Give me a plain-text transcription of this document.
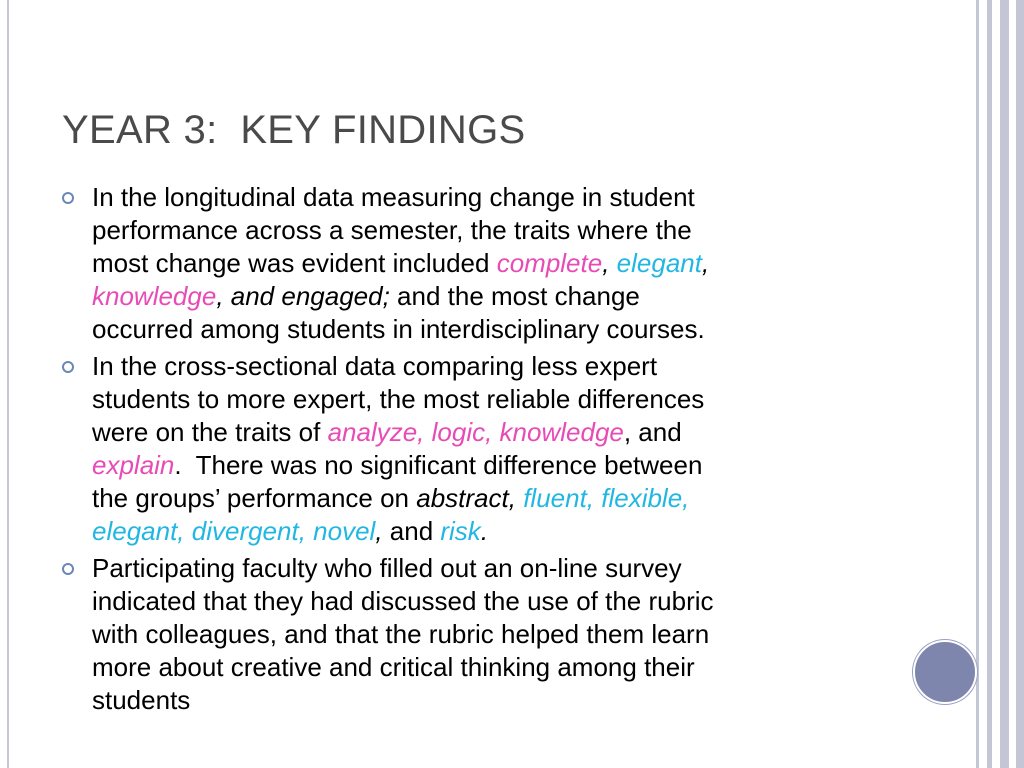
YEAR 3:  KEY FINDINGS
In the longitudinal data measuring change in student
performance across a semester, the traits where the
most change was evident included complete, elegant,
knowledge, and engaged; and the most change
occurred among students in interdisciplinary courses.
In the cross-sectional data comparing less expert
students to more expert, the most reliable differences
were on the traits of analyze, logic, knowledge, and
explain.  There was no significant difference between
the groups’ performance on abstract, fluent, flexible,
elegant, divergent, novel, and risk.
Participating faculty who filled out an on-line survey
indicated that they had discussed the use of the rubric
with colleagues, and that the rubric helped them learn
more about creative and critical thinking among their
students
